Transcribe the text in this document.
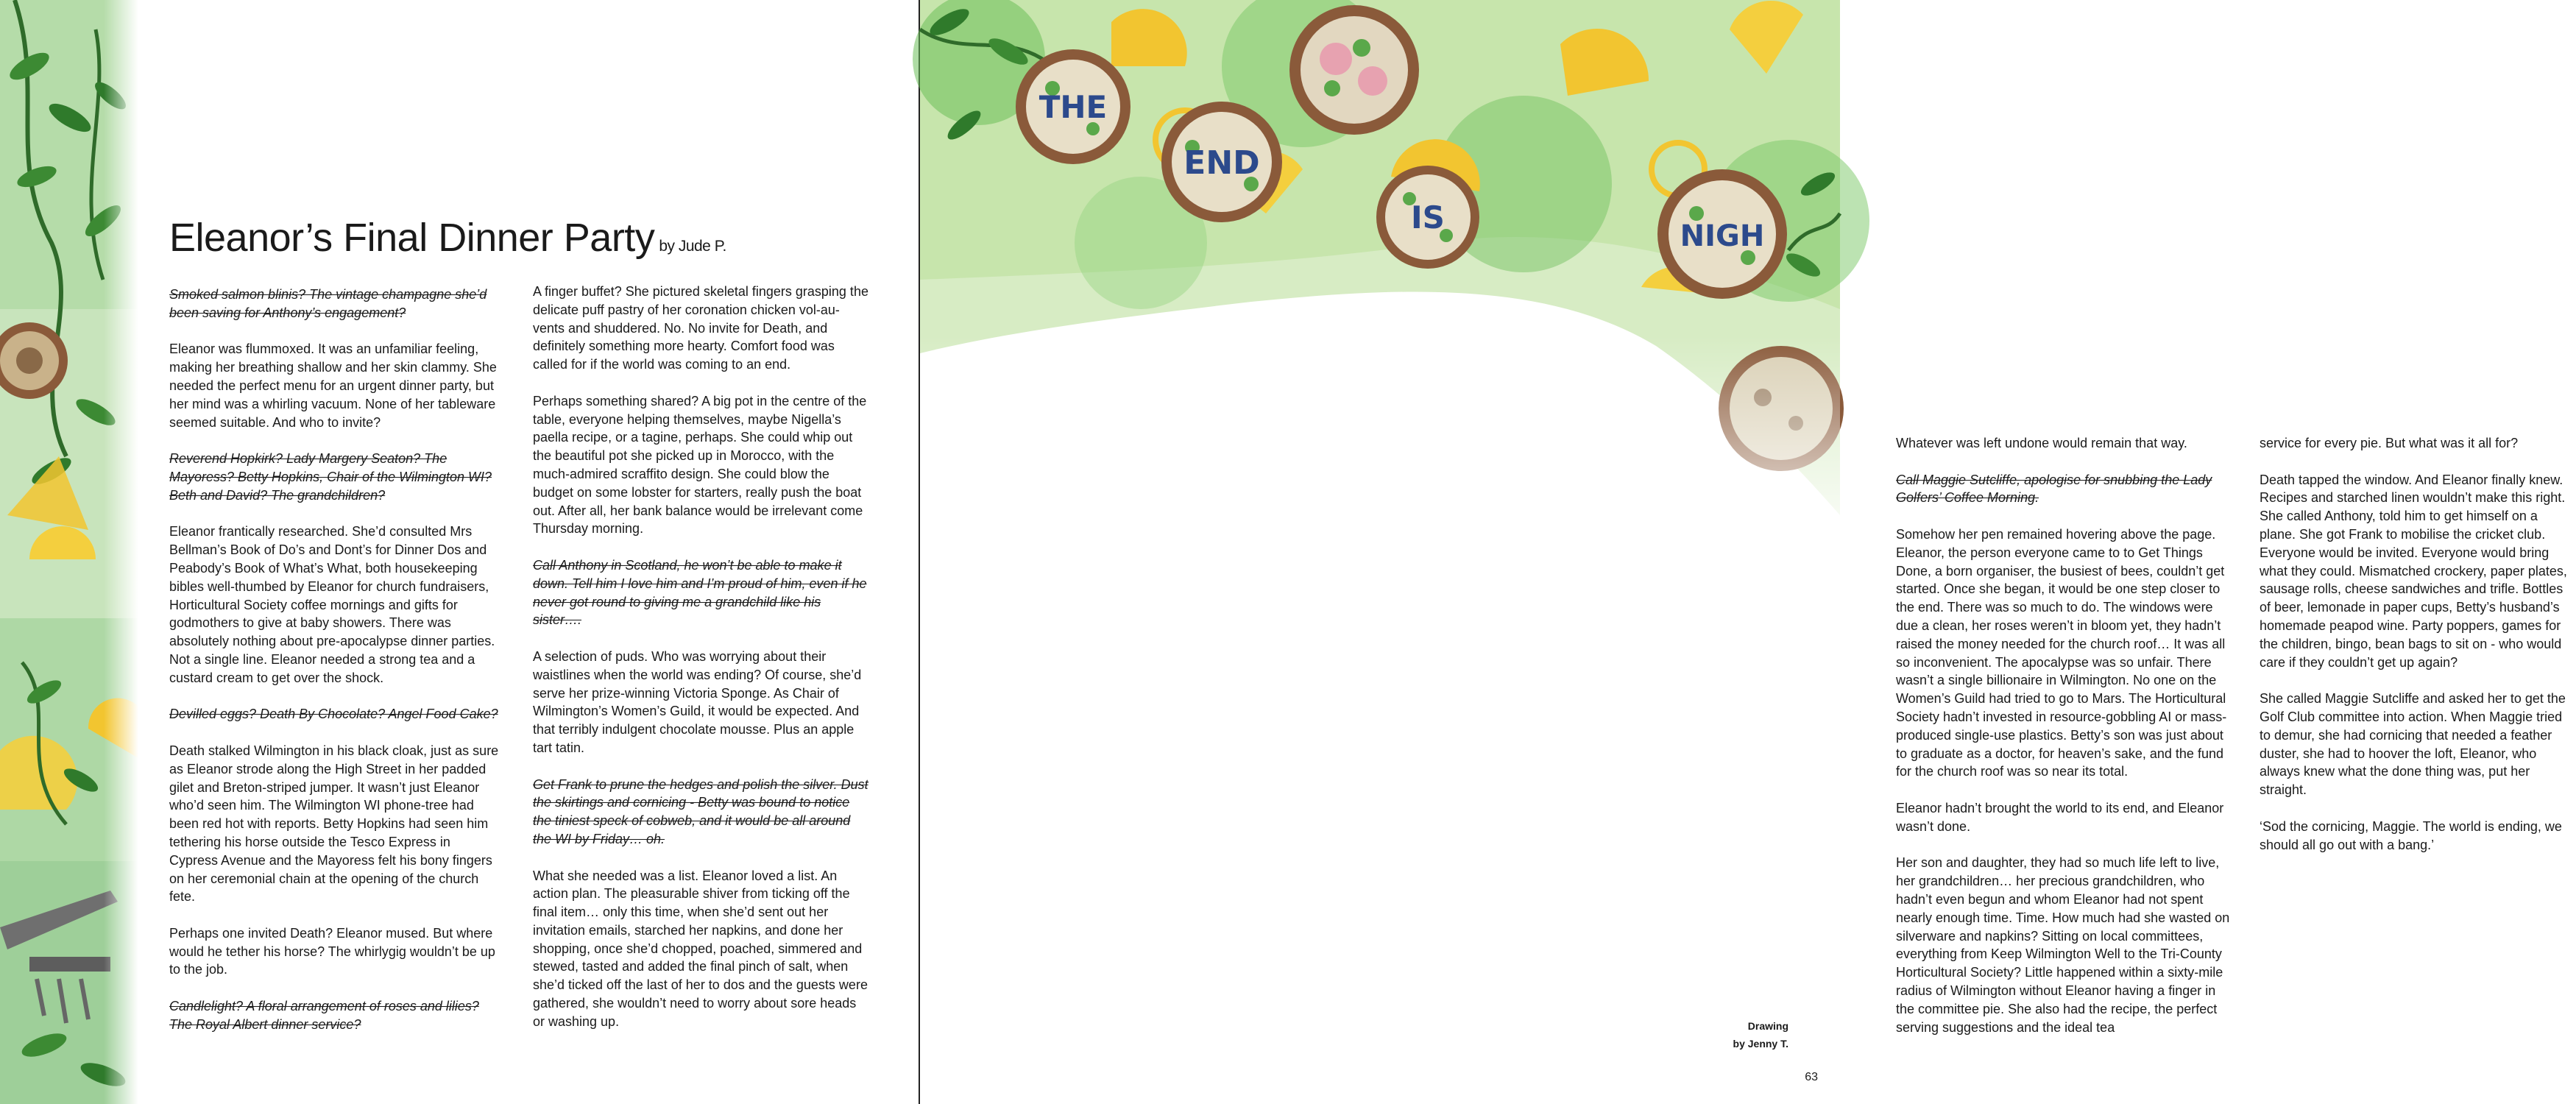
Eleanor’s Final Dinner Party by Jude P.

Smoked salmon blinis? The vintage champagne she’d been saving for Anthony’s engagement?

Eleanor was flummoxed. It was an unfamiliar feeling, making her breathing shallow and her skin clammy. She needed the perfect menu for an urgent dinner party, but her mind was a whirling vacuum. None of her tableware seemed suitable. And who to invite?

Reverend Hopkirk? Lady Margery Seaton? The Mayoress? Betty Hopkins, Chair of the Wilmington WI? Beth and David? The grandchildren?

Eleanor frantically researched. She’d consulted Mrs Bellman’s Book of Do’s and Dont’s for Dinner Dos and Peabody’s Book of What’s What, both housekeeping bibles well-thumbed by Eleanor for church fundraisers, Horticultural Society coffee mornings and gifts for godmothers to give at baby showers. There was absolutely nothing about pre-apocalypse dinner parties. Not a single line. Eleanor needed a strong tea and a custard cream to get over the shock.

Devilled eggs? Death By Chocolate? Angel Food Cake?

Death stalked Wilmington in his black cloak, just as sure as Eleanor strode along the High Street in her padded gilet and Breton-striped jumper. It wasn’t just Eleanor who’d seen him. The Wilmington WI phone-tree had been red hot with reports. Betty Hopkins had seen him tethering his horse outside the Tesco Express in Cypress Avenue and the Mayoress felt his bony fingers on her ceremonial chain at the opening of the church fete.

Perhaps one invited Death? Eleanor mused. But where would he tether his horse? The whirlygig wouldn’t be up to the job.

Candlelight? A floral arrangement of roses and lilies? The Royal Albert dinner service?

A finger buffet? She pictured skeletal fingers grasping the delicate puff pastry of her coronation chicken vol-au-vents and shuddered. No. No invite for Death, and definitely something more hearty. Comfort food was called for if the world was coming to an end.

Perhaps something shared? A big pot in the centre of the table, everyone helping themselves, maybe Nigella’s paella recipe, or a tagine, perhaps. She could whip out the beautiful pot she picked up in Morocco, with the much-admired scraffito design. She could blow the budget on some lobster for starters, really push the boat out. After all, her bank balance would be irrelevant come Thursday morning.

Call Anthony in Scotland, he won’t be able to make it down. Tell him I love him and I’m proud of him, even if he never got round to giving me a grandchild like his sister….

A selection of puds. Who was worrying about their waistlines when the world was ending? Of course, she’d serve her prize-winning Victoria Sponge. As Chair of Wilmington’s Women’s Guild, it would be expected. And that terribly indulgent chocolate mousse. Plus an apple tart tatin.

Get Frank to prune the hedges and polish the silver. Dust the skirtings and cornicing - Betty was bound to notice the tiniest speck of cobweb, and it would be all around the WI by Friday… oh.

What she needed was a list. Eleanor loved a list. An action plan. The pleasurable shiver from ticking off the final item… only this time, when she’d sent out her invitation emails, starched her napkins, and done her shopping, once she’d chopped, poached, simmered and stewed, tasted and added the final pinch of salt, when she’d ticked off the last of her to dos and the guests were gathered, she wouldn’t need to worry about sore heads or washing up.

Whatever was left undone would remain that way.

Call Maggie Sutcliffe, apologise for snubbing the Lady Golfers’ Coffee Morning.

Somehow her pen remained hovering above the page. Eleanor, the person everyone came to to Get Things Done, a born organiser, the busiest of bees, couldn’t get started. Once she began, it would be one step closer to the end. There was so much to do. The windows were due a clean, her roses weren’t in bloom yet, they hadn’t raised the money needed for the church roof… It was all so inconvenient. The apocalypse was so unfair. There wasn’t a single billionaire in Wilmington. No one on the Women’s Guild had tried to go to Mars. The Horticultural Society hadn’t invested in resource-gobbling AI or mass-produced single-use plastics. Betty’s son was just about to graduate as a doctor, for heaven’s sake, and the fund for the church roof was so near its total.

Eleanor hadn’t brought the world to its end, and Eleanor wasn’t done.

Her son and daughter, they had so much life left to live, her grandchildren… her precious grandchildren, who hadn’t even begun and whom Eleanor had not spent nearly enough time. Time. How much had she wasted on silverware and napkins? Sitting on local committees, everything from Keep Wilmington Well to the Tri-County Horticultural Society? Little happened within a sixty-mile radius of Wilmington without Eleanor having a finger in the committee pie. She also had the recipe, the perfect serving suggestions and the ideal tea

service for every pie. But what was it all for?

Death tapped the window. And Eleanor finally knew. Recipes and starched linen wouldn’t make this right. She called Anthony, told him to get himself on a plane. She got Frank to mobilise the cricket club. Everyone would be invited. Everyone would bring what they could. Mismatched crockery, paper plates, sausage rolls, cheese sandwiches and trifle. Bottles of beer, lemonade in paper cups, Betty’s husband’s homemade peapod wine. Party poppers, games for the children, bingo, bean bags to sit on - who would care if they couldn’t get up again?

She called Maggie Sutcliffe and asked her to get the Golf Club committee into action. When Maggie tried to demur, she had cornicing that needed a feather duster, she had to hoover the loft, Eleanor, who always knew what the done thing was, put her straight.

‘Sod the cornicing, Maggie. The world is ending, we should all go out with a bang.’

Drawing
by Jenny T.
63
